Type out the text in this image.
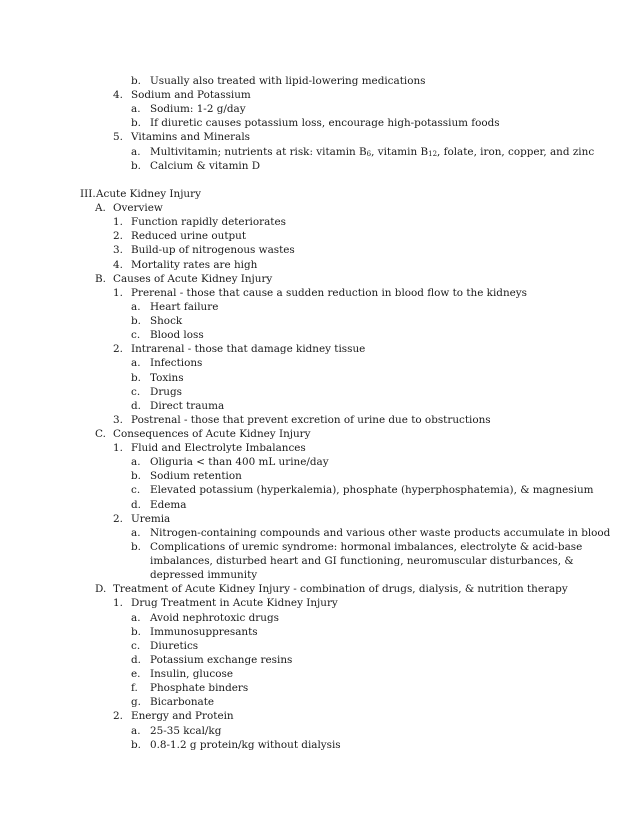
b. Usually also treated with lipid-lowering medications
4. Sodium and Potassium
a. Sodium: 1-2 g/day
b. If diuretic causes potassium loss, encourage high-potassium foods
5. Vitamins and Minerals
a. Multivitamin; nutrients at risk: vitamin $B_6$, vitamin $B_{12}$, folate, iron, copper, and zinc
b. Calcium & vitamin D
III. Acute Kidney Injury
A. Overview
1. Function rapidly deteriorates
2. Reduced urine output
3. Build-up of nitrogenous wastes
4. Mortality rates are high
B. Causes of Acute Kidney Injury
1. Prerenal - those that cause a sudden reduction in blood flow to the kidneys
a. Heart failure
b. Shock
c. Blood loss
2. Intrarenal - those that damage kidney tissue
a. Infections
b. Toxins
c. Drugs
d. Direct trauma
3. Postrenal - those that prevent excretion of urine due to obstructions
C. Consequences of Acute Kidney Injury
1. Fluid and Electrolyte Imbalances
a. Oliguria < than 400 mL urine/day
b. Sodium retention
c. Elevated potassium (hyperkalemia), phosphate (hyperphosphatemia), & magnesium
d. Edema
2. Uremia
a. Nitrogen-containing compounds and various other waste products accumulate in blood
b. Complications of uremic syndrome: hormonal imbalances, electrolyte & acid-base
imbalances, disturbed heart and GI functioning, neuromuscular disturbances, &
depressed immunity
D. Treatment of Acute Kidney Injury - combination of drugs, dialysis, & nutrition therapy
1. Drug Treatment in Acute Kidney Injury
a. Avoid nephrotoxic drugs
b. Immunosuppresants
c. Diuretics
d. Potassium exchange resins
e. Insulin, glucose
f. Phosphate binders
g. Bicarbonate
2. Energy and Protein
a. 25-35 kcal/kg
b. 0.8-1.2 g protein/kg without dialysis
